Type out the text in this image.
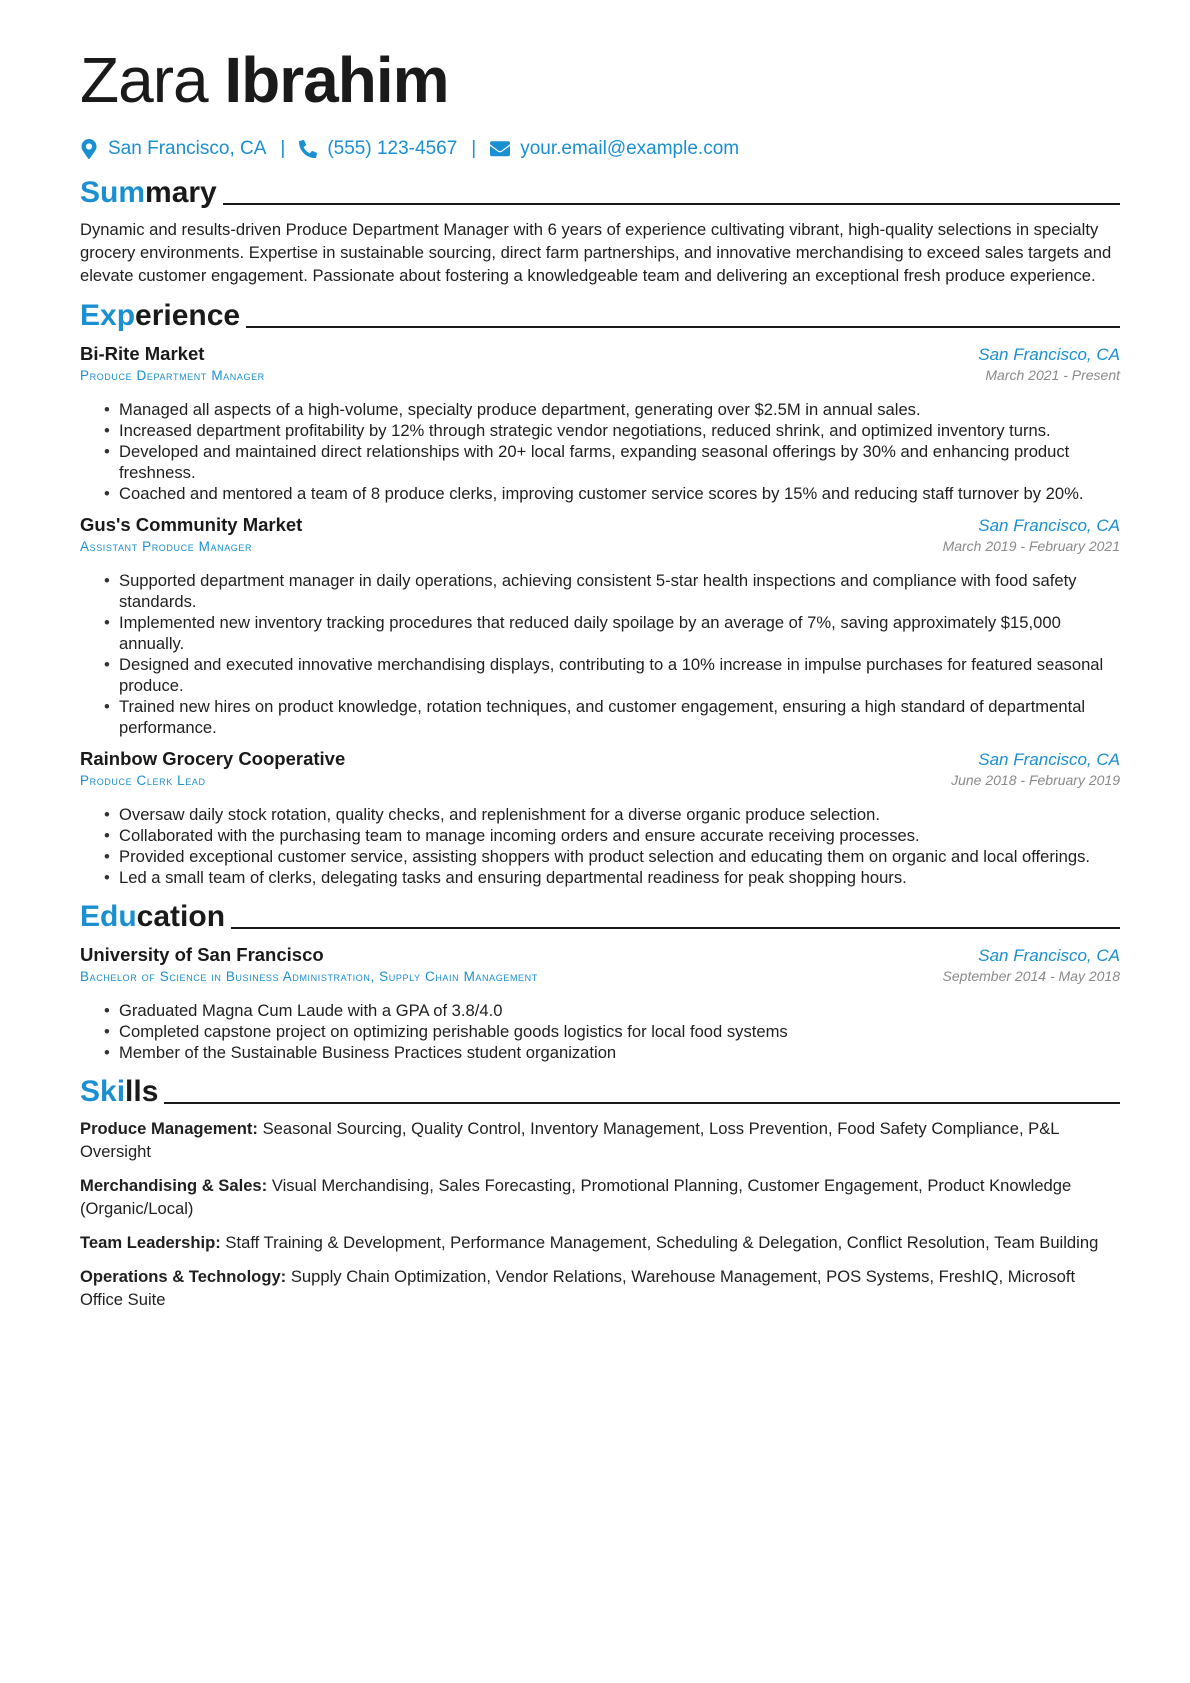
Zara Ibrahim
San Francisco, CA | (555) 123-4567 | your.email@example.com
Summary

Dynamic and results-driven Produce Department Manager with 6 years of experience cultivating vibrant, high-quality selections in specialty grocery environments. Expertise in sustainable sourcing, direct farm partnerships, and innovative merchandising to exceed sales targets and elevate customer engagement. Passionate about fostering a knowledgeable team and delivering an exceptional fresh produce experience.

Experience
Bi-Rite Market	San Francisco, CA
Produce Department Manager	March 2021 - Present
• Managed all aspects of a high-volume, specialty produce department, generating over $2.5M in annual sales.
• Increased department profitability by 12% through strategic vendor negotiations, reduced shrink, and optimized inventory turns.
• Developed and maintained direct relationships with 20+ local farms, expanding seasonal offerings by 30% and enhancing product freshness.
• Coached and mentored a team of 8 produce clerks, improving customer service scores by 15% and reducing staff turnover by 20%.
Gus's Community Market	San Francisco, CA
Assistant Produce Manager	March 2019 - February 2021
• Supported department manager in daily operations, achieving consistent 5-star health inspections and compliance with food safety standards.
• Implemented new inventory tracking procedures that reduced daily spoilage by an average of 7%, saving approximately $15,000 annually.
• Designed and executed innovative merchandising displays, contributing to a 10% increase in impulse purchases for featured seasonal produce.
• Trained new hires on product knowledge, rotation techniques, and customer engagement, ensuring a high standard of departmental performance.
Rainbow Grocery Cooperative	San Francisco, CA
Produce Clerk Lead	June 2018 - February 2019
• Oversaw daily stock rotation, quality checks, and replenishment for a diverse organic produce selection.
• Collaborated with the purchasing team to manage incoming orders and ensure accurate receiving processes.
• Provided exceptional customer service, assisting shoppers with product selection and educating them on organic and local offerings.
• Led a small team of clerks, delegating tasks and ensuring departmental readiness for peak shopping hours.
Education
University of San Francisco	San Francisco, CA
Bachelor of Science in Business Administration, Supply Chain Management	September 2014 - May 2018
• Graduated Magna Cum Laude with a GPA of 3.8/4.0
• Completed capstone project on optimizing perishable goods logistics for local food systems
• Member of the Sustainable Business Practices student organization
Skills
Produce Management: Seasonal Sourcing, Quality Control, Inventory Management, Loss Prevention, Food Safety Compliance, P&L Oversight
Merchandising & Sales: Visual Merchandising, Sales Forecasting, Promotional Planning, Customer Engagement, Product Knowledge (Organic/Local)
Team Leadership: Staff Training & Development, Performance Management, Scheduling & Delegation, Conflict Resolution, Team Building
Operations & Technology: Supply Chain Optimization, Vendor Relations, Warehouse Management, POS Systems, FreshIQ, Microsoft Office Suite
